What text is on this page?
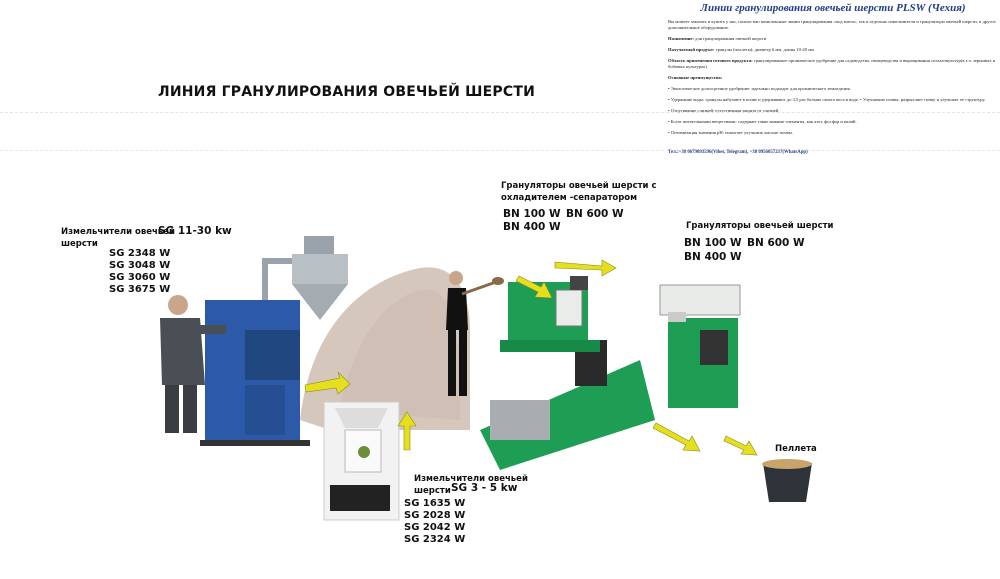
ЛИНИЯ ГРАНУЛИРОВАНИЯ ОВЕЧЬЕЙ ШЕРСТИ
Измельчители овечьей
шерсти
SG 11-30 kw
SG 2348 W
SG 3048 W
SG 3060 W
SG 3675 W
Грануляторы овечьей шерсти с
охладителем -сепаратором
BN 100 W BN 600 W
BN 400 W	Грануляторы овечьей шерсти
BN 100 W BN 600 W
BN 400 W
Пеллета
Измельчители овечьей
шерсти SG 3 - 5 kw
SG 1635 W
SG 2028 W
SG 2042 W
SG 2324 W
Линии гранулирования овечьей шерсти PLSW (Чехия)

Вы можете заказать и купить у нас, полностью комплексные линии гранулирования «под ключ», так и отдельно измельчители и грануляторы овечьей шерсти, и другое дополнительное оборудование.

Назначение: для гранулирования овечьей шерсти

Получаемый продукт: гранулы (пеллеты); диаметр 6 мм, длина 10-20 мм

Область применения готового продукта: гранулированное органическое удобрение для садоводства, овощеводства и выращивания сельхозкультур(в т.ч. зерновых и бобовых культурах)

Основные преимущества:

• Экологическое долгосрочное удобрение: идеально подходит для органического земледелия.

• Удержание воды: гранулы набухают в почве и удерживают до 3,5 раз больше своего веса в воде. • Улучшение почвы: разрыхляет почву и улучшает ее структуру.

• Отпугивание слизней: естественная защита от слизней.

• Богат питательными веществами: содержит такие важные элементы, как азот, фосфор и калий.

• Оптимизация значения pH: помогает улучшить кислые почвы.

Тел.:+38 0679093596(Viber, Telegram), +38 0956057237(WhatsApp)
